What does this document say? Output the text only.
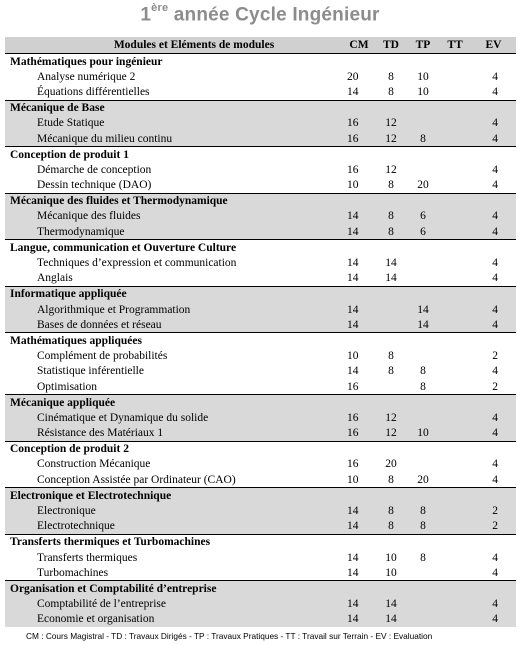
1ère année Cycle Ingénieur
Modules et Eléments de modules	CM	TD	TP	TT	EV
Mathématiques pour ingénieur					
Analyse numérique 2	20	8	10		4
Équations différentielles	14	8	10		4
Mécanique de Base					
Etude Statique	16	12			4
Mécanique du milieu continu	16	12	8		4
Conception de produit 1					
Démarche de conception	16	12			4
Dessin technique (DAO)	10	8	20		4
Mécanique des fluides et Thermodynamique					
Mécanique des fluides	14	8	6		4
Thermodynamique	14	8	6		4
Langue, communication et Ouverture Culture					
Techniques d’expression et communication	14	14			4
Anglais	14	14			4
Informatique appliquée					
Algorithmique et Programmation	14		14		4
Bases de données et réseau	14		14		4
Mathématiques appliquées					
Complément de probabilités	10	8			2
Statistique inférentielle	14	8	8		4
Optimisation	16		8		2
Mécanique appliquée					
Cinématique et Dynamique du solide	16	12			4
Résistance des Matériaux 1	16	12	10		4
Conception de produit 2					
Construction Mécanique	16	20			4
Conception Assistée par Ordinateur (CAO)	10	8	20		4
Electronique et Electrotechnique					
Electronique	14	8	8		2
Electrotechnique	14	8	8		2
Transferts thermiques et Turbomachines					
Transferts thermiques	14	10	8		4
Turbomachines	14	10			4
Organisation et Comptabilité d’entreprise					
Comptabilité de l’entreprise	14	14			4
Economie et organisation	14	14			4
CM : Cours Magistral - TD : Travaux Dirigés - TP : Travaux Pratiques - TT : Travail sur Terrain - EV : Evaluation
